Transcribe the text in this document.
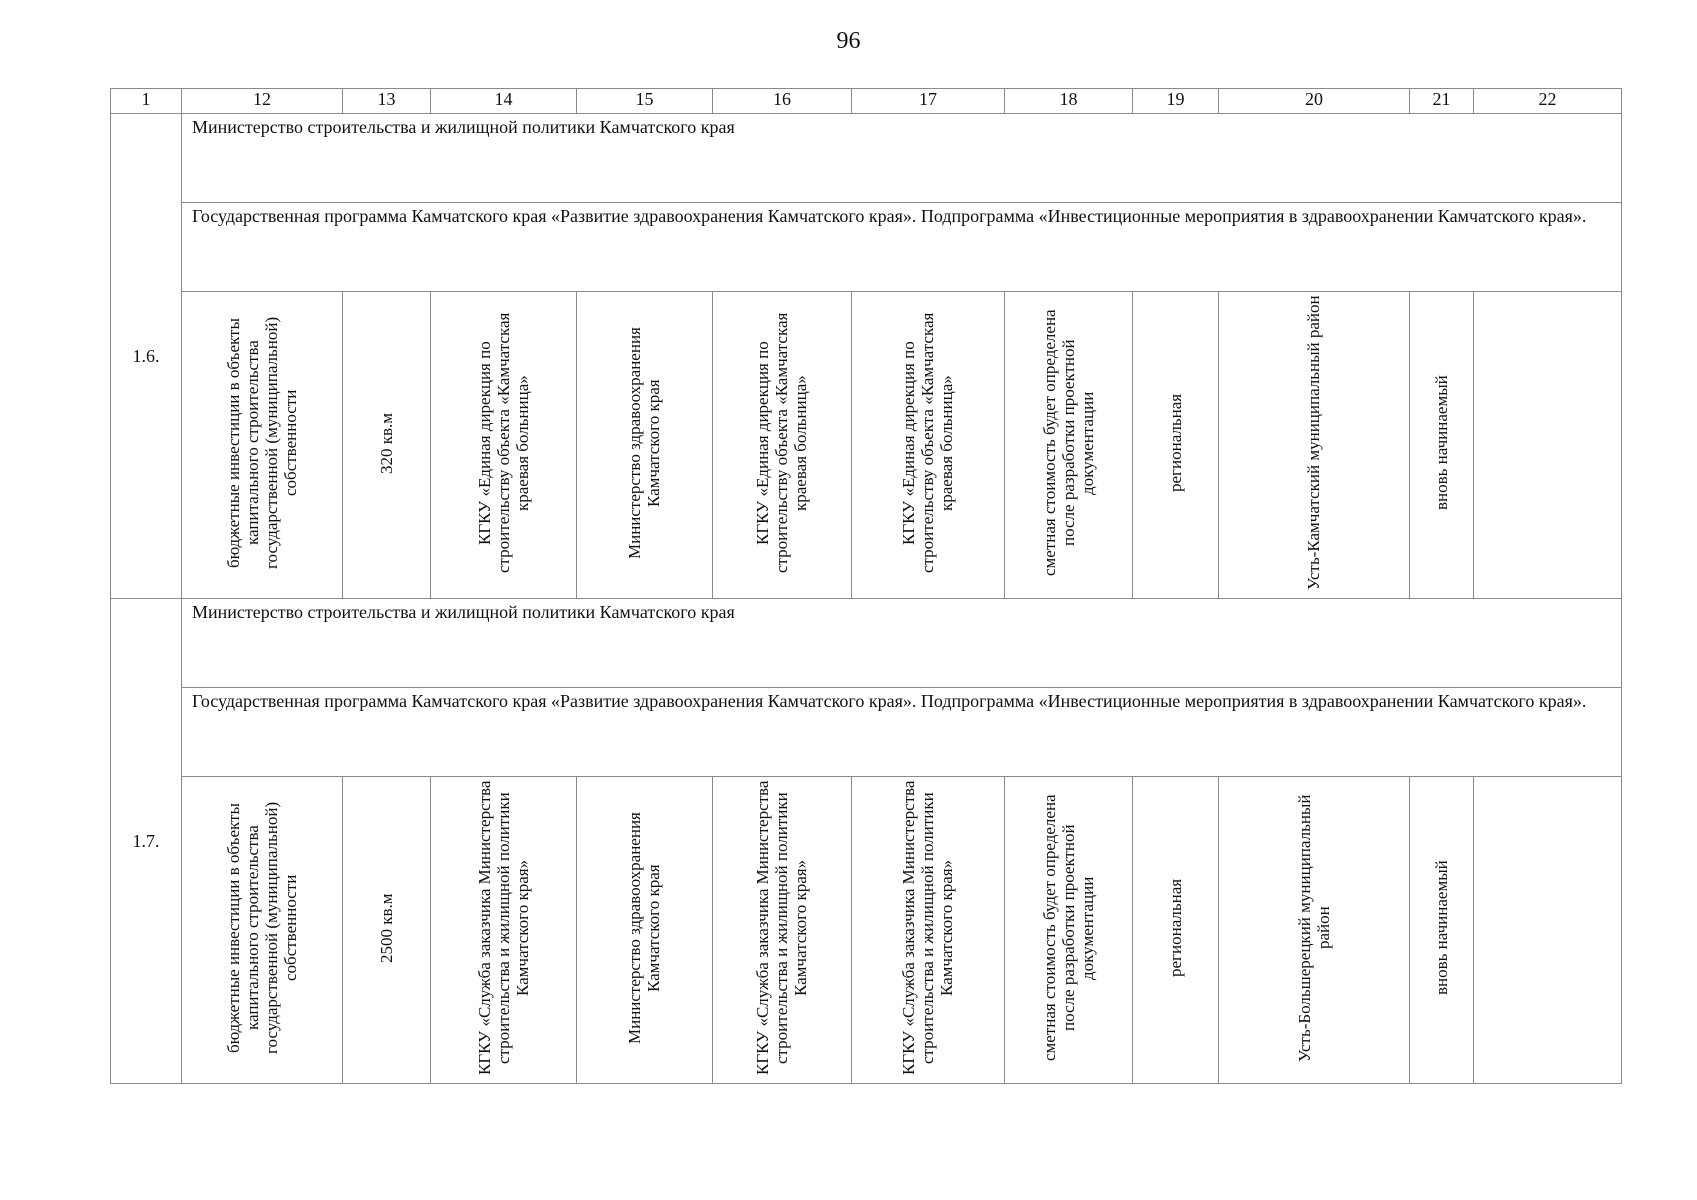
96
1	12	13	14	15	16	17	18	19	20	21	22
1.6.	Министерство строительства и жилищной политики Камчатского края										
	Государственная программа Камчатского края «Развитие здравоохранения Камчатского края». Подпрограмма «Инвестиционные мероприятия в здравоохранении Камчатского края».										
	бюджетные инвестиции в объекты капитального строительства государственной (муниципальной) собственности	320 кв.м	КГКУ «Единая дирекция по строительству объекта «Камчатская краевая больница»	Министерство здравоохранения Камчатского края	КГКУ «Единая дирекция по строительству объекта «Камчатская краевая больница»	КГКУ «Единая дирекция по строительству объекта «Камчатская краевая больница»	сметная стоимость будет определена после разработки проектной документации	региональная	Усть-Камчатский муниципальный район	вновь начинаемый	
1.7.	Министерство строительства и жилищной политики Камчатского края										
	Государственная программа Камчатского края «Развитие здравоохранения Камчатского края». Подпрограмма «Инвестиционные мероприятия в здравоохранении Камчатского края».										
	бюджетные инвестиции в объекты капитального строительства государственной (муниципальной) собственности	2500 кв.м	КГКУ «Служба заказчика Министерства строительства и жилищной политики Камчатского края»	Министерство здравоохранения Камчатского края	КГКУ «Служба заказчика Министерства строительства и жилищной политики Камчатского края»	КГКУ «Служба заказчика Министерства строительства и жилищной политики Камчатского края»	сметная стоимость будет определена после разработки проектной документации	региональная	Усть-Большерецкий муниципальный район	вновь начинаемый	
